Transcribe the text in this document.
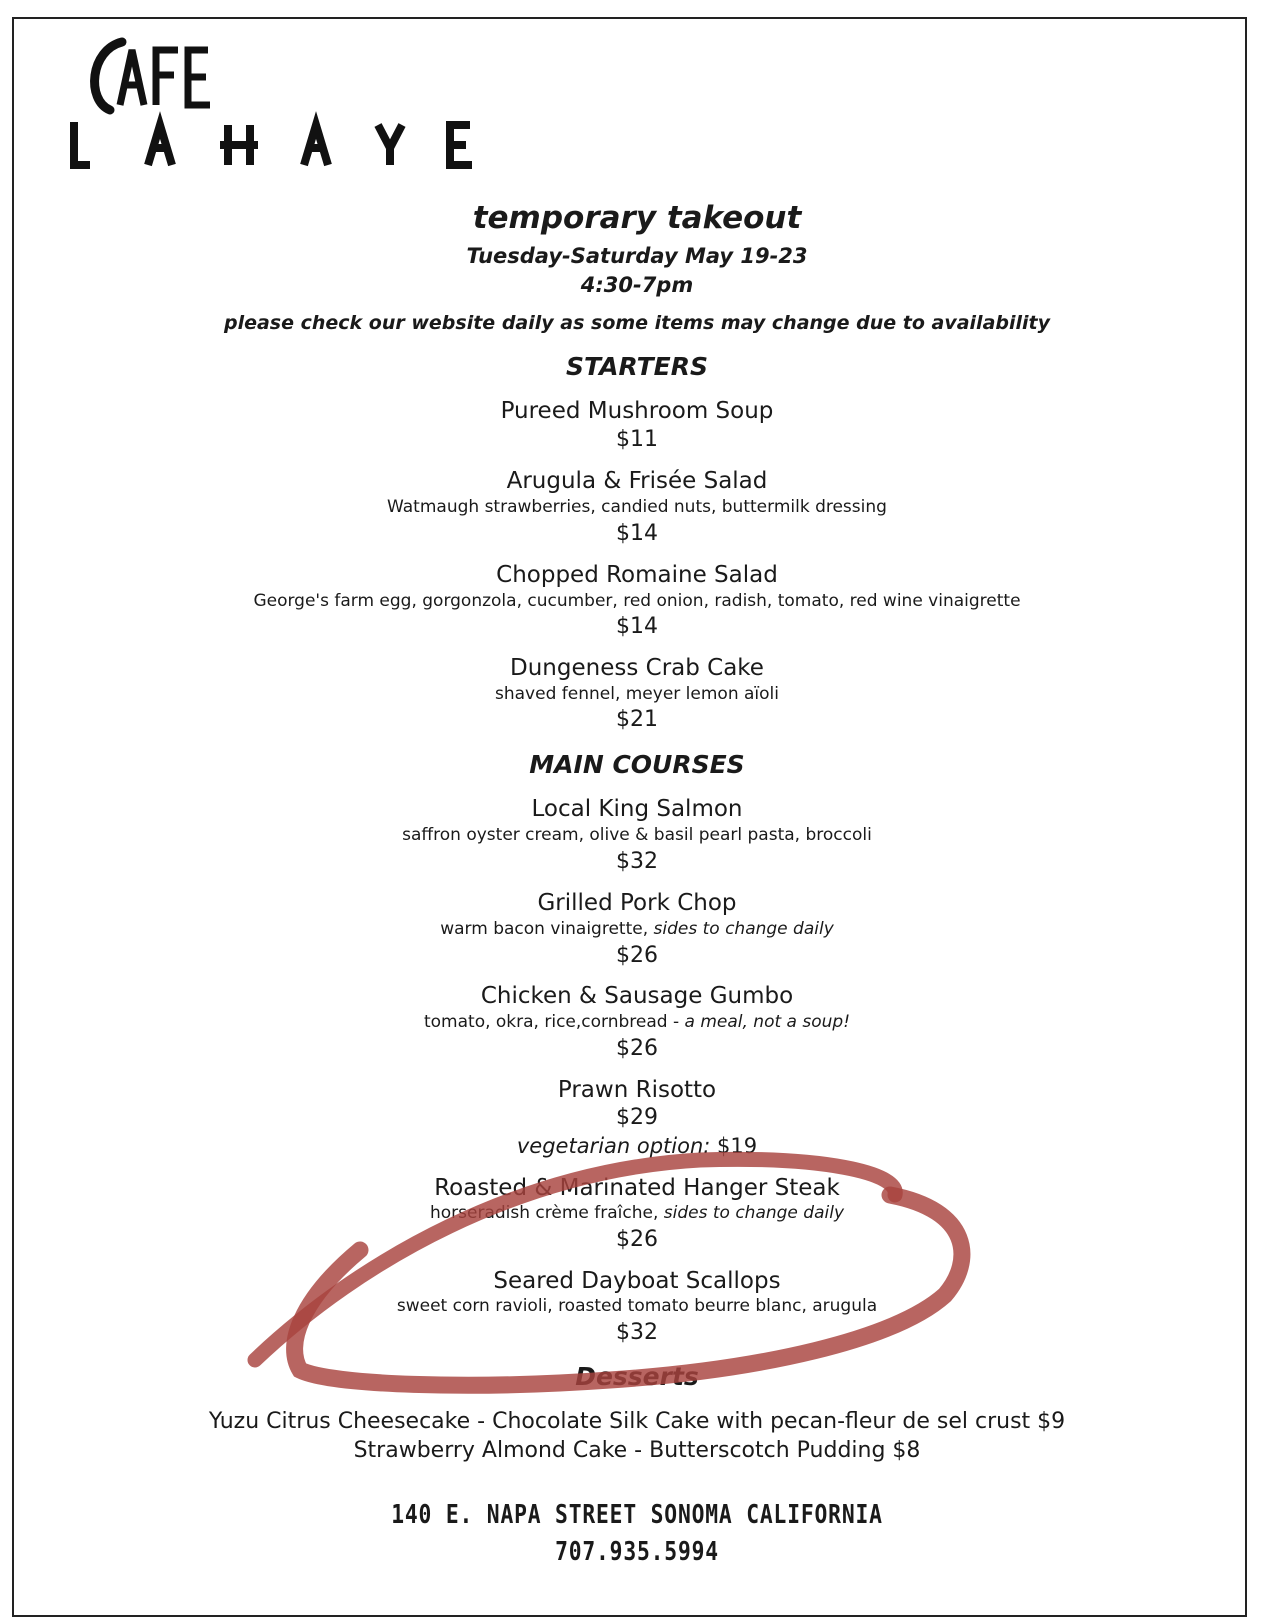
temporary takeout
Tuesday-Saturday May 19-23
4:30-7pm
please check our website daily as some items may change due to availability
STARTERS
Pureed Mushroom Soup
$11
Arugula & Frisée Salad
Watmaugh strawberries, candied nuts, buttermilk dressing
$14
Chopped Romaine Salad
George's farm egg, gorgonzola, cucumber, red onion, radish, tomato, red wine vinaigrette
$14
Dungeness Crab Cake
shaved fennel, meyer lemon aïoli
$21
MAIN COURSES
Local King Salmon
saffron oyster cream, olive & basil pearl pasta, broccoli
$32
Grilled Pork Chop
warm bacon vinaigrette, sides to change daily
$26
Chicken & Sausage Gumbo
tomato, okra, rice,cornbread - a meal, not a soup!
$26
Prawn Risotto
$29
vegetarian option: $19
Roasted & Marinated Hanger Steak
horseradish crème fraîche, sides to change daily
$26
Seared Dayboat Scallops
sweet corn ravioli, roasted tomato beurre blanc, arugula
$32
Desserts
Yuzu Citrus Cheesecake - Chocolate Silk Cake with pecan-fleur de sel crust $9
Strawberry Almond Cake - Butterscotch Pudding $8
140 E. NAPA STREET SONOMA CALIFORNIA
707.935.5994
